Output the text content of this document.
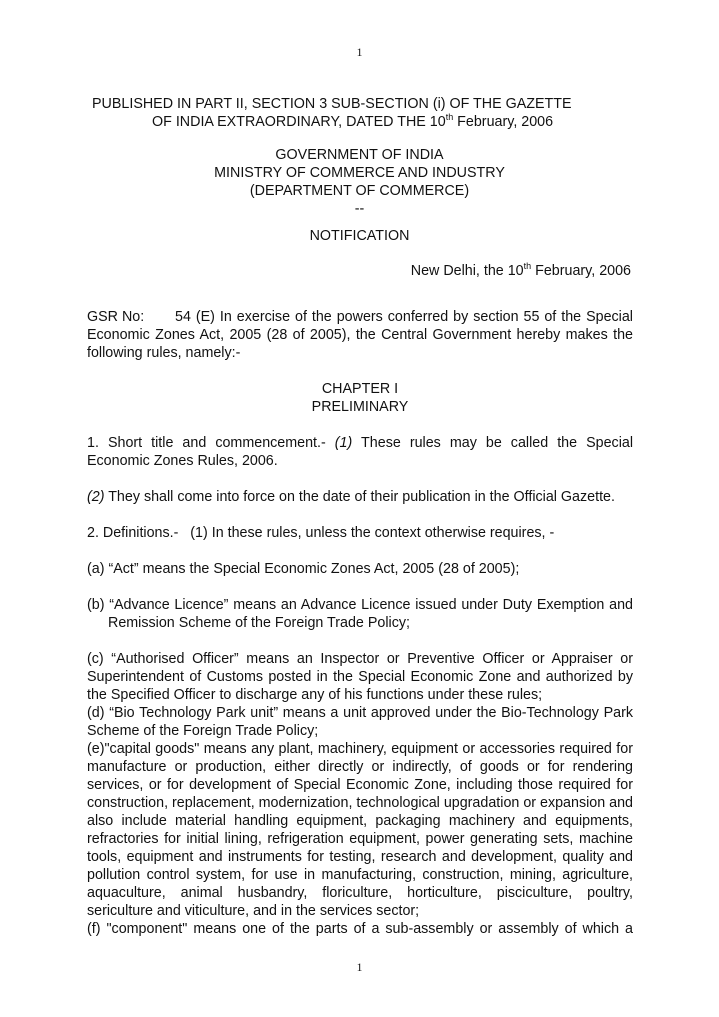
1
PUBLISHED IN PART II, SECTION 3 SUB-SECTION (i) OF THE GAZETTE
OF INDIA EXTRAORDINARY, DATED THE 10th February, 2006
GOVERNMENT OF INDIA
MINISTRY OF COMMERCE AND INDUSTRY
(DEPARTMENT OF COMMERCE)
--
NOTIFICATION
New Delhi, the 10th February, 2006

GSR No: 54 (E) In exercise of the powers conferred by section 55 of the Special Economic Zones Act, 2005 (28 of 2005), the Central Government hereby makes the following rules, namely:-

CHAPTER I

PRELIMINARY

1. Short title and commencement.- (1) These rules may be called the Special Economic Zones Rules, 2006.

(2) They shall come into force on the date of their publication in the Official Gazette.

2. Definitions.-   (1) In these rules, unless the context otherwise requires, -

(a) “Act” means the Special Economic Zones Act, 2005 (28 of 2005);

(b) “Advance Licence” means an Advance Licence issued under Duty Exemption and Remission Scheme of the Foreign Trade Policy;

(c) “Authorised Officer” means an Inspector or Preventive Officer or Appraiser or Superintendent of Customs posted in the Special Economic Zone and authorized by the Specified Officer to discharge any of his functions under these rules;

(d) “Bio Technology Park unit” means a unit approved under the Bio-Technology Park Scheme of the Foreign Trade Policy;

(e)"capital goods" means any plant, machinery, equipment or accessories required for manufacture or production, either directly or indirectly, of goods or for rendering services, or for development of Special Economic Zone, including those required for construction, replacement, modernization, technological upgradation or expansion and also include material handling equipment, packaging machinery and equipments, refractories for initial lining, refrigeration equipment, power generating sets, machine tools, equipment and instruments for testing, research and development, quality and pollution control system, for use in manufacturing, construction, mining, agriculture, aquaculture, animal husbandry, floriculture, horticulture, pisciculture, poultry, sericulture and viticulture, and in the services sector;

(f) "component" means one of the parts of a sub-assembly or assembly of which a

1
